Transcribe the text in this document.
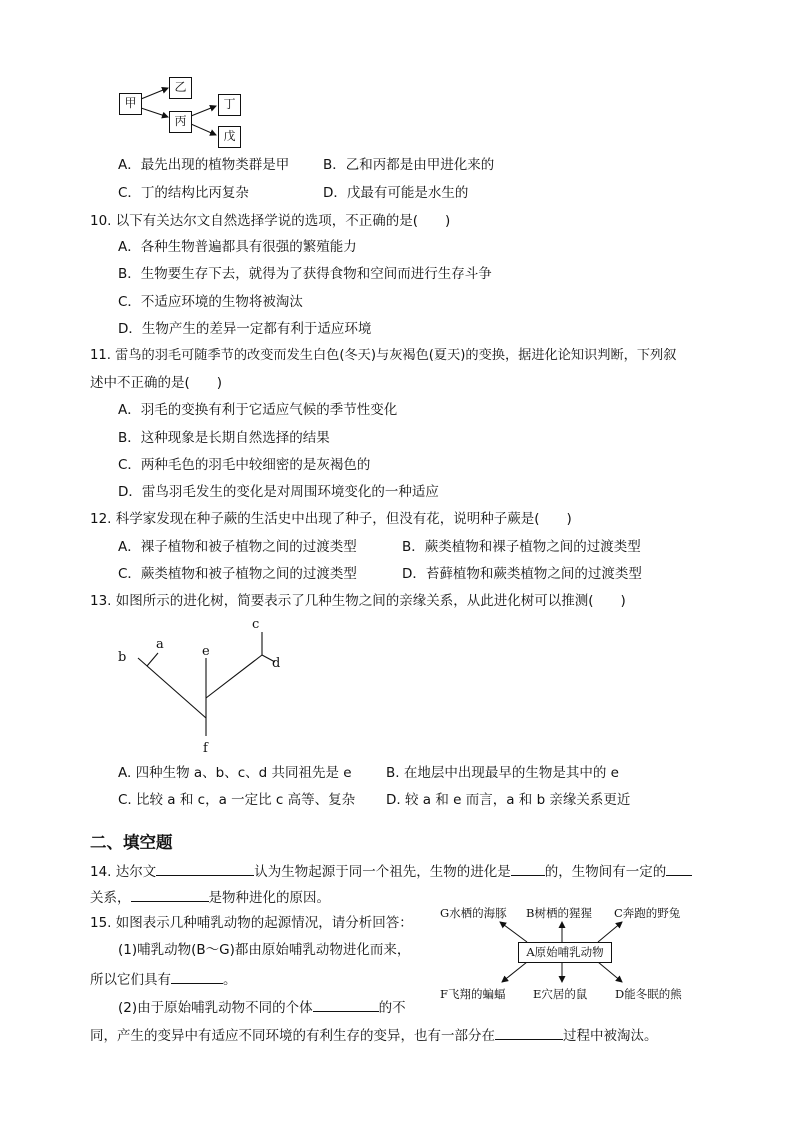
b
a	e
c
d
f
G水栖的海豚 B树栖的猩猩 C奔跑的野兔
F飞翔的蝙蝠 E穴居的鼠 D能冬眠的熊
甲
乙
丙
丁
戊
A原始哺乳动物
A．最先出现的植物类群是甲	B．乙和丙都是由甲进化来的
C．丁的结构比丙复杂	D．戊最有可能是水生的
10. 以下有关达尔文自然选择学说的选项，不正确的是(　　)
A．各种生物普遍都具有很强的繁殖能力
B．生物要生存下去，就得为了获得食物和空间而进行生存斗争
C．不适应环境的生物将被淘汰
D．生物产生的差异一定都有利于适应环境
11. 雷鸟的羽毛可随季节的改变而发生白色(冬天)与灰褐色(夏天)的变换，据进化论知识判断，下列叙
述中不正确的是(　　)
A．羽毛的变换有利于它适应气候的季节性变化
B．这种现象是长期自然选择的结果
C．两种毛色的羽毛中较细密的是灰褐色的
D．雷鸟羽毛发生的变化是对周围环境变化的一种适应
12. 科学家发现在种子蕨的生活史中出现了种子，但没有花，说明种子蕨是(　　)
A．裸子植物和被子植物之间的过渡类型	B．蕨类植物和裸子植物之间的过渡类型
C．蕨类植物和被子植物之间的过渡类型	D．苔藓植物和蕨类植物之间的过渡类型
13. 如图所示的进化树，简要表示了几种生物之间的亲缘关系，从此进化树可以推测(　　)
A. 四种生物 a、b、c、d 共同祖先是 e	B. 在地层中出现最早的生物是其中的 e
C. 比较 a 和 c，a 一定比 c 高等、复杂 D. 较 a 和 e 而言，a 和 b 亲缘关系更近
二、填空题
14. 达尔文	认为生物起源于同一个祖先，生物的进化是	的，生物间有一定的
关系，	是物种进化的原因。
15. 如图表示几种哺乳动物的起源情况，请分析回答：
(1)哺乳动物(B～G)都由原始哺乳动物进化而来，
所以它们具有	。
(2)由于原始哺乳动物不同的个体	的不
同，产生的变异中有适应不同环境的有利生存的变异，也有一部分在	过程中被淘汰。
